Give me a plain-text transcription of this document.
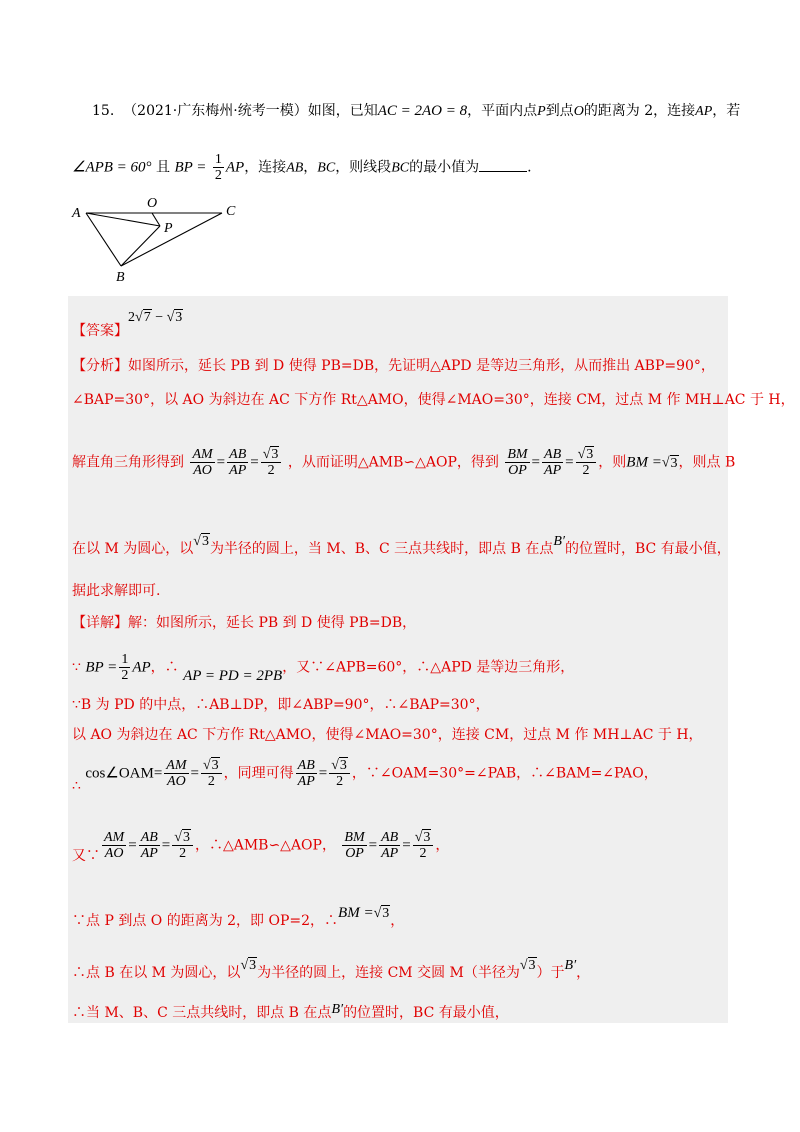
15. （2021·广东梅州·统考一模）如图，已知AC = 2AO = 8，平面内点P到点O的距离为 2，连接AP，若
∠APB = 60° 且 BP = $\frac{1}{2}$ AP，连接AB，BC，则线段BC的最小值为	.
A
O
C
P
B
【答案】2√7 − √3
【分析】如图所示，延长 PB 到 D 使得 PB=DB，先证明△APD 是等边三角形，从而推出 ABP=90°，
∠BAP=30°，以 AO 为斜边在 AC 下方作 Rt△AMO，使得∠MAO=30°，连接 CM，过点 M 作 MH⊥AC 于 H，
解直角三角形得到 $\frac{AM}{AO} = \frac{AB}{AP} = \frac{√3}{2}$ ，从而证明△AMB∽△AOP，得到 $\frac{BM}{OP} = \frac{AB}{AP} = \frac{√3}{2}$ ，则BM =√3，则点 B
在以 M 为圆心，以√3为半径的圆上，当 M、B、C 三点共线时，即点 B 在点B′的位置时，BC 有最小值，
据此求解即可.
【详解】解：如图所示，延长 PB 到 D 使得 PB=DB，
∵ BP = $\frac{1}{2}$ AP，∴ AP = PD = 2PB，又∵∠APB=60°，∴△APD 是等边三角形，
∵B 为 PD 的中点，∴AB⊥DP，即∠ABP=90°，∴∠BAP=30°，
以 AO 为斜边在 AC 下方作 Rt△AMO，使得∠MAO=30°，连接 CM，过点 M 作 MH⊥AC 于 H，
∴ cos∠OAM= $\frac{AM}{AO} = \frac{√3}{2}$ ，同理可得 $\frac{AB}{AP} = \frac{√3}{2}$ ，∵∠OAM=30°=∠PAB，∴∠BAM=∠PAO，
又∵ $\frac{AM}{AO} = \frac{AB}{AP} = \frac{√3}{2}$ ，∴△AMB∽△AOP， $\frac{BM}{OP} = \frac{AB}{AP} = \frac{√3}{2}$ ，
∵点 P 到点 O 的距离为 2，即 OP=2，∴BM =√3，
∴点 B 在以 M 为圆心，以√3为半径的圆上，连接 CM 交圆 M（半径为√3）于B′，
∴当 M、B、C 三点共线时，即点 B 在点B′的位置时，BC 有最小值，
